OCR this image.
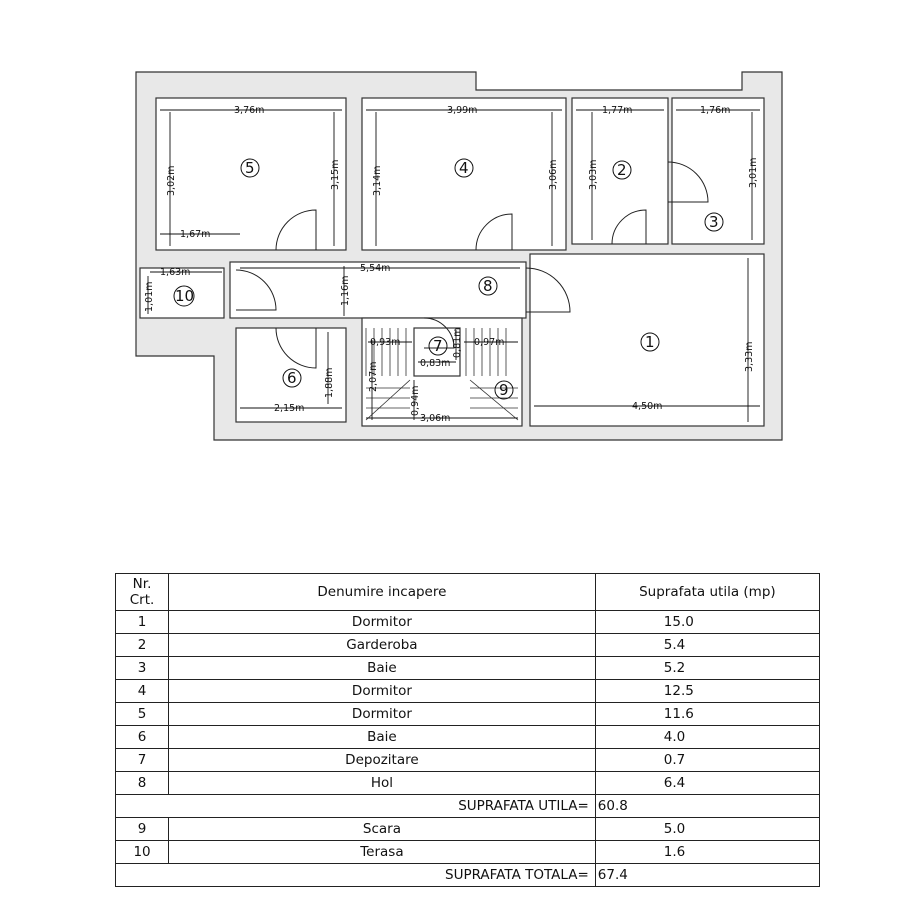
3,76m
3,02m	3,15m
1,67m
3,99m
3,14m	3,06m
1,77m
3,03m
1,76m
3,01m
1,63m
1,01m
5,54m
1,16m
2,15m
1,88m
0,93m
0,83m
0,81m 0,97m
2,07m
0,94m
3,06m
4,50m
3,33m
1
2
3
4
5
6
7
8
9
10
Nr. Crt.	Denumire incapere	Suprafata utila (mp)
1	Dormitor	15.0
2	Garderoba	5.4
3	Baie	5.2
4	Dormitor	12.5
5	Dormitor	11.6
6	Baie	4.0
7	Depozitare	0.7
8	Hol	6.4
SUPRAFATA UTILA=		60.8
9	Scara	5.0
10	Terasa	1.6
SUPRAFATA TOTALA=		67.4
